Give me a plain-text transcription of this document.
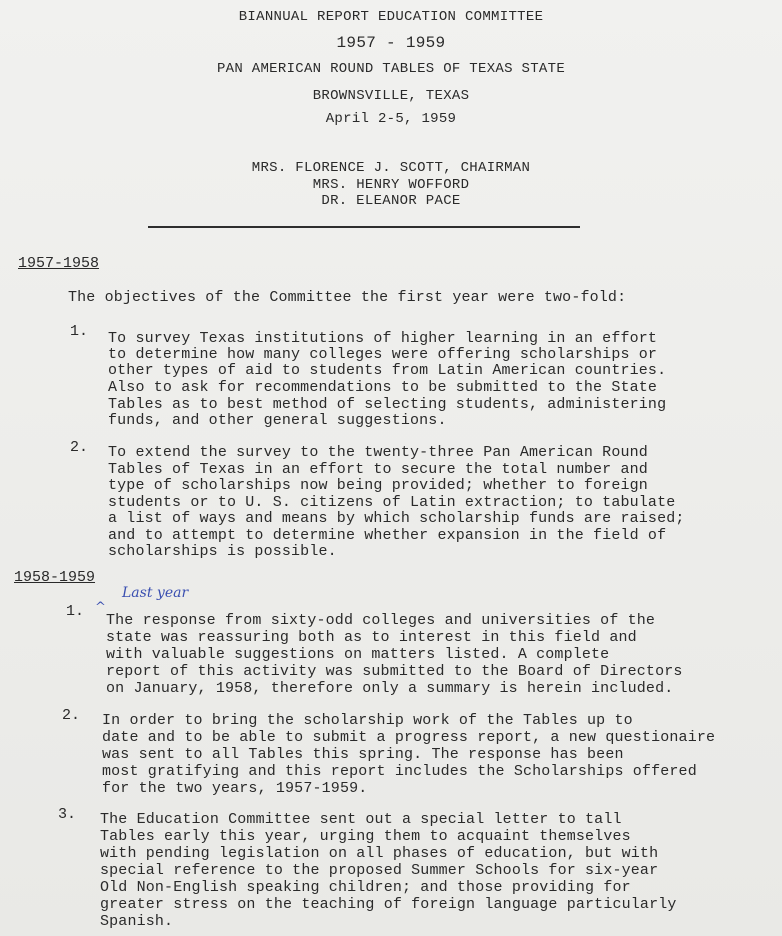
BIANNUAL REPORT EDUCATION COMMITTEE
1957 - 1959
PAN AMERICAN ROUND TABLES OF TEXAS STATE
BROWNSVILLE, TEXAS
April 2-5, 1959
MRS. FLORENCE J. SCOTT, CHAIRMAN
MRS. HENRY WOFFORD
DR. ELEANOR PACE
1957-1958
The objectives of the Committee the first year were two-fold:
1. To survey Texas institutions of higher learning in an effort
to determine how many colleges were offering scholarships or
other types of aid to students from Latin American countries.
Also to ask for recommendations to be submitted to the State
Tables as to best method of selecting students, administering
funds, and other general suggestions.
2. To extend the survey to the twenty-three Pan American Round
Tables of Texas in an effort to secure the total number and
type of scholarships now being provided; whether to foreign
students or to U. S. citizens of Latin extraction; to tabulate
a list of ways and means by which scholarship funds are raised;
and to attempt to determine whether expansion in the field of
scholarships is possible.
1958-1959
Last year
^
1.
The response from sixty-odd colleges and universities of the
state was reassuring both as to interest in this field and
with valuable suggestions on matters listed. A complete
report of this activity was submitted to the Board of Directors
on January, 1958, therefore only a summary is herein included.
2. In order to bring the scholarship work of the Tables up to
date and to be able to submit a progress report, a new questionaire
was sent to all Tables this spring. The response has been
most gratifying and this report includes the Scholarships offered
for the two years, 1957-1959.
3. The Education Committee sent out a special letter to tall
Tables early this year, urging them to acquaint themselves
with pending legislation on all phases of education, but with
special reference to the proposed Summer Schools for six-year
Old Non-English speaking children; and those providing for
greater stress on the teaching of foreign language particularly
Spanish.
